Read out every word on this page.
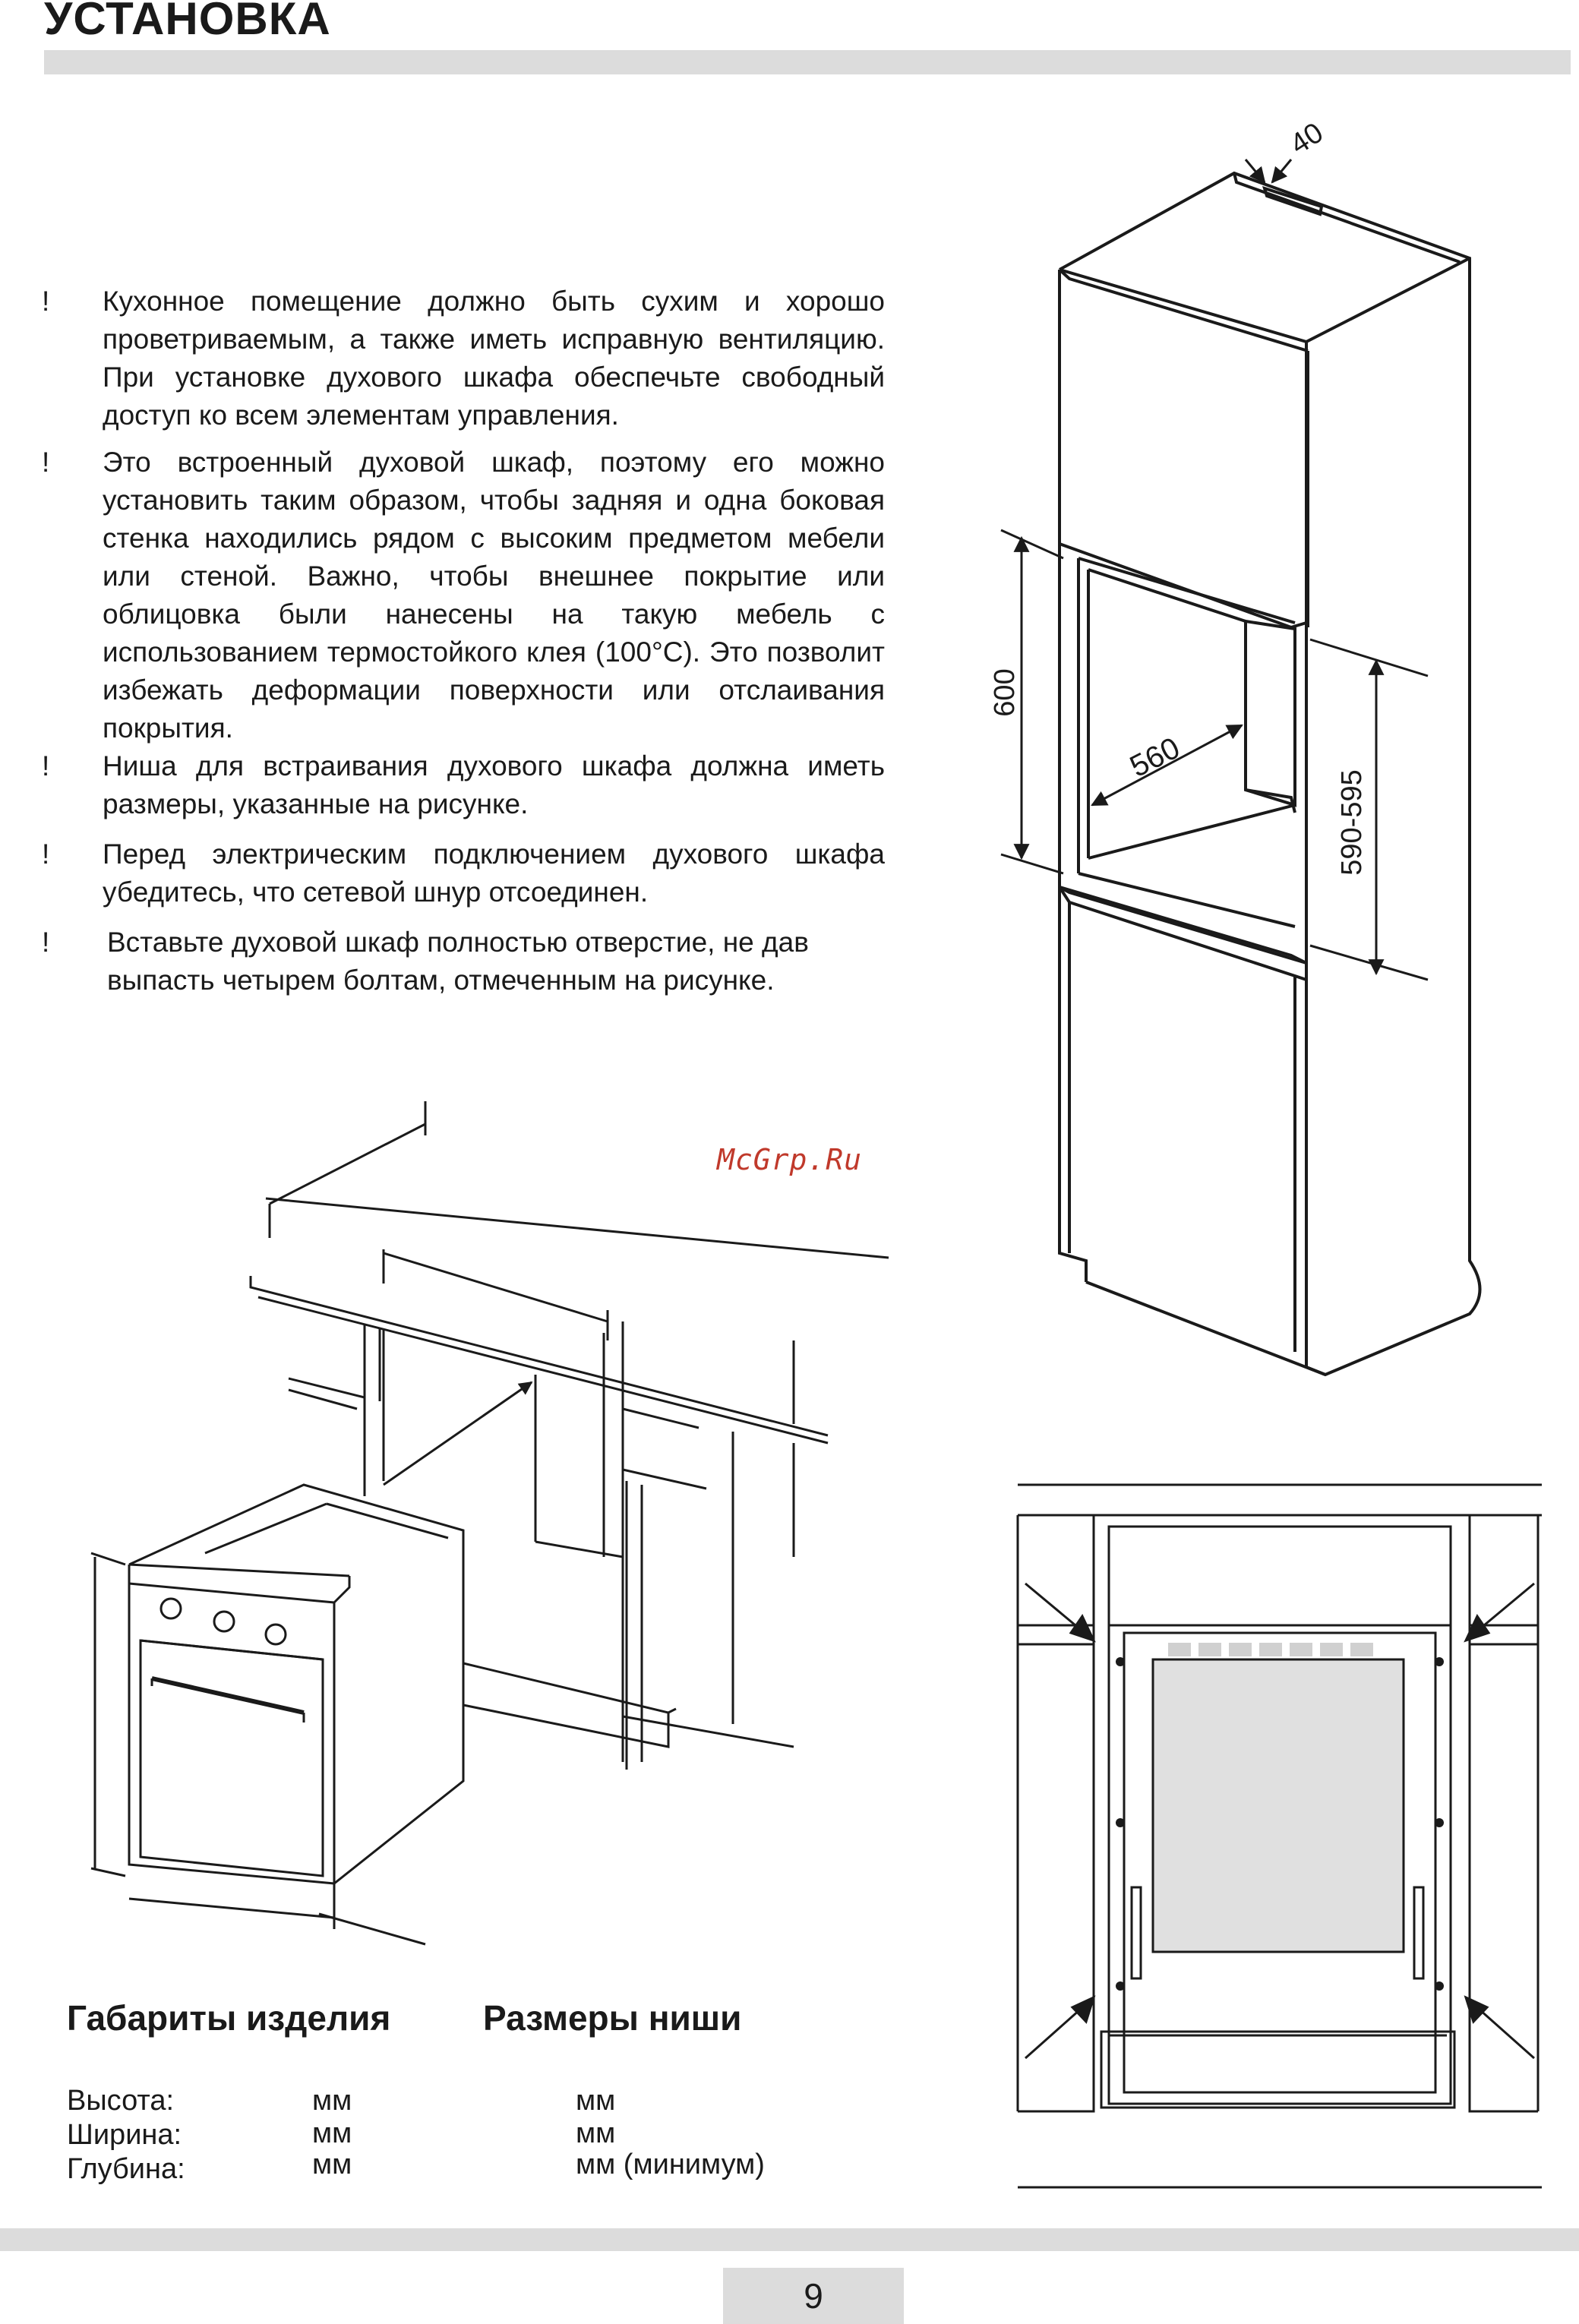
УСТАНОВКА
! Кухонное помещение должно быть сухим и хорошо проветриваемым, а также иметь исправную вентиляцию. При установке духового шкафа обеспечьте свободный доступ ко всем элементам управления.
! Это встроенный духовой шкаф, поэтому его можно установить таким образом, чтобы задняя и одна боковая стенка находились рядом с высоким предметом мебели или стеной. Важно, чтобы внешнее покрытие или облицовка были нанесены на такую мебель с использованием термостойкого клея (100°C). Это позволит избежать деформации поверхности или отслаивания покрытия.
! Ниша для встраивания духового шкафа должна иметь размеры, указанные на рисунке.
! Перед электрическим подключением духового шкафа убедитесь, что сетевой шнур отсоединен.
! Вставьте духовой шкаф полностью отверстие, не дав выпасть четырем болтам, отмеченным на рисунке.
40
600
560
590-595
McGrp.Ru
Габариты изделия	Размеры ниши
Высота:	мм	мм
Ширина:	мм	мм
Глубина:	мм	мм (минимум)
9
